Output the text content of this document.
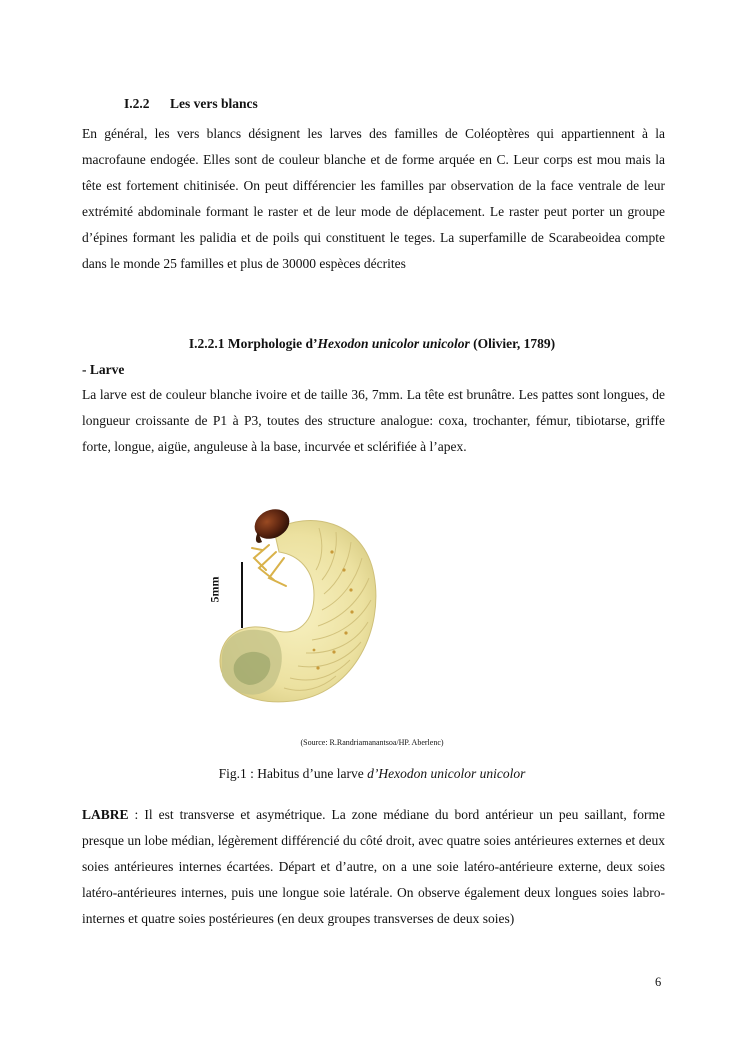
I.2.2 Les vers blancs

En général, les vers blancs désignent les larves des familles de Coléoptères qui appartiennent à la macrofaune endogée. Elles sont de couleur blanche et de forme arquée en C. Leur corps est mou mais la tête est fortement chitinisée. On peut différencier les familles par observation de la face ventrale de leur extrémité abdominale formant le raster et de leur mode de déplacement. Le raster peut porter un groupe d’épines formant les palidia et de poils qui constituent le teges. La superfamille de Scarabeoidea compte dans le monde 25 familles et plus de 30000 espèces décrites

I.2.2.1 Morphologie d’Hexodon unicolor unicolor (Olivier, 1789)
- Larve

La larve est de couleur blanche ivoire et de taille 36, 7mm. La tête est brunâtre. Les pattes sont longues, de longueur croissante de P1 à P3, toutes des structure analogue: coxa, trochanter, fémur, tibiotarse, griffe forte, longue, aigüe, anguleuse à la base, incurvée et sclérifiée à l’apex.

5mm
(Source: R.Randriamanantsoa/HP. Aberlenc)
Fig.1 : Habitus d’une larve d’Hexodon unicolor unicolor

LABRE : Il est transverse et asymétrique. La zone médiane du bord antérieur un peu saillant, forme presque un lobe médian, légèrement différencié du côté droit, avec quatre soies antérieures externes et deux soies antérieures internes écartées. Départ et d’autre, on a une soie latéro-antérieure externe, deux soies latéro-antérieures internes, puis une longue soie latérale. On observe également deux longues soies labro-internes et quatre soies postérieures (en deux groupes transverses de deux soies)

6
